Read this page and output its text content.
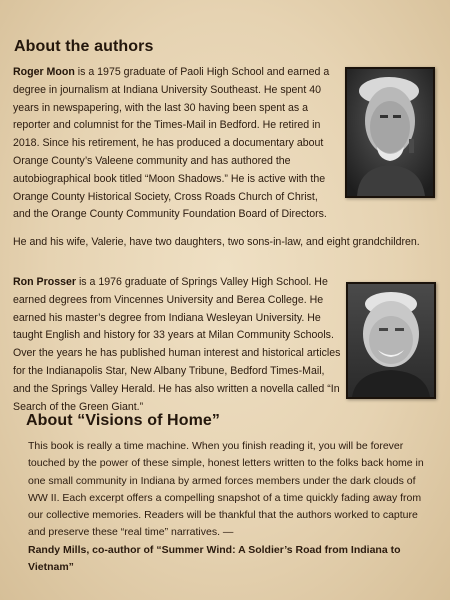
About the authors
Roger Moon is a 1975 graduate of Paoli High School and earned a degree in journalism at Indiana University Southeast. He spent 40 years in newspapering, with the last 30 having been spent as a reporter and columnist for the Times-Mail in Bedford. He retired in 2018. Since his retirement, he has produced a documentary about Orange County’s Valeene community and has authored the autobiographical book titled “Moon Shadows.” He is active with the Orange County Historical Society, Cross Roads Church of Christ, and the Orange County Community Foundation Board of Directors.
He and his wife, Valerie, have two daughters, two sons-in-law, and eight grandchildren.
Ron Prosser is a 1976 graduate of Springs Valley High School. He earned degrees from Vincennes University and Berea College. He earned his master’s degree from Indiana Wesleyan University. He taught English and history for 33 years at Milan Community Schools. Over the years he has published human interest and historical articles for the Indianapolis Star, New Albany Tribune, Bedford Times-Mail, and the Springs Valley Herald. He has also written a novella called “In Search of the Green Giant.”
About “Visions of Home”
This book is really a time machine. When you finish reading it, you will be forever touched by the power of these simple, honest letters written to the folks back home in one small community in Indiana by armed forces members under the dark clouds of WW II. Each excerpt offers a compelling snapshot of a time quickly fading away from our collective memories. Readers will be thankful that the authors worked to capture and preserve these “real time” narratives. —
Randy Mills, co-author of “Summer Wind: A Soldier’s Road from Indiana to Vietnam”
